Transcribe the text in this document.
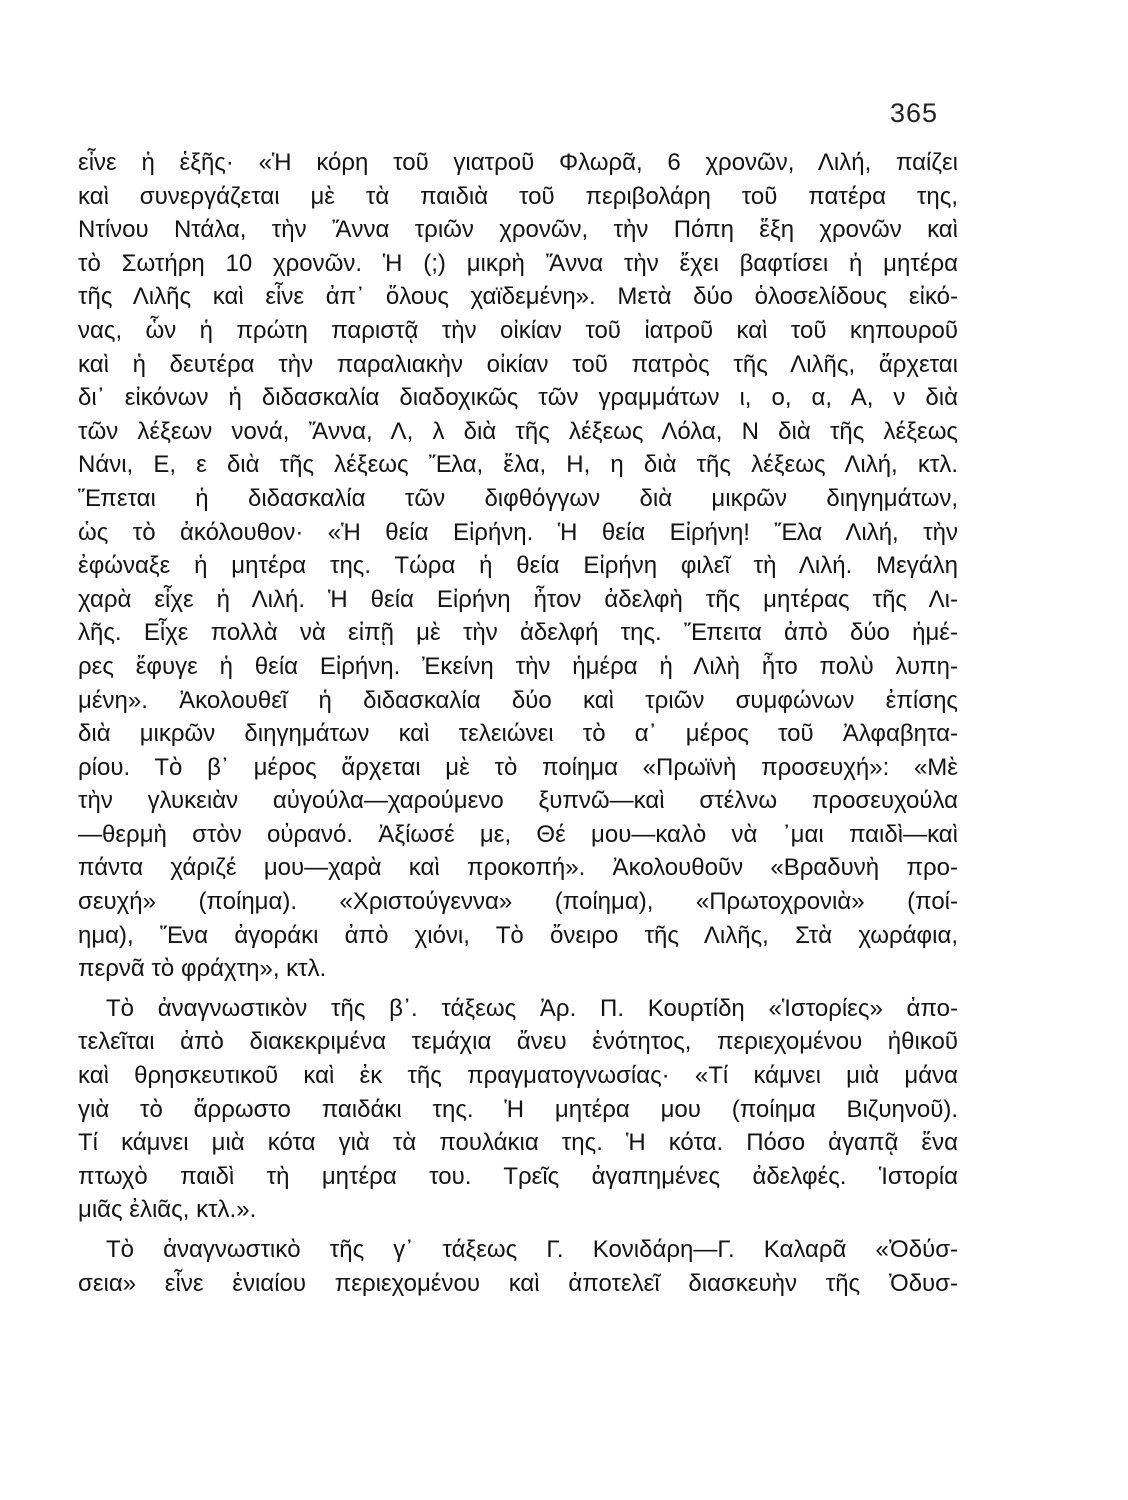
365
εἶνε ἡ ἑξῆς· «Ἡ κόρη τοῦ γιατροῦ Φλωρᾶ, 6 χρονῶν, Λιλή, παίζει
καὶ συνεργάζεται μὲ τὰ παιδιὰ τοῦ περιβολάρη τοῦ πατέρα της,
Ντίνου Ντάλα, τὴν Ἄννα τριῶν χρονῶν, τὴν Πόπη ἕξη χρονῶν καὶ
τὸ Σωτήρη 10 χρονῶν. Ἡ (;) μικρὴ Ἄννα τὴν ἔχει βαφτίσει ἡ μητέρα
τῆς Λιλῆς καὶ εἶνε ἀπ᾿ ὅλους χαϊδεμένη». Μετὰ δύο ὁλοσελίδους εἰκό-
νας, ὧν ἡ πρώτη παριστᾷ τὴν οἰκίαν τοῦ ἰατροῦ καὶ τοῦ κηπουροῦ
καὶ ἡ δευτέρα τὴν παραλιακὴν οἰκίαν τοῦ πατρὸς τῆς Λιλῆς, ἄρχεται
δι᾿ εἰκόνων ἡ διδασκαλία διαδοχικῶς τῶν γραμμάτων ι, ο, α, Α, ν διὰ
τῶν λέξεων νονά, Ἄννα, Λ, λ διὰ τῆς λέξεως Λόλα, Ν διὰ τῆς λέξεως
Νάνι, Ε, ε διὰ τῆς λέξεως Ἔλα, ἔλα, Η, η διὰ τῆς λέξεως Λιλή, κτλ.
Ἕπεται ἡ διδασκαλία τῶν διφθόγγων διὰ μικρῶν διηγημάτων,
ὡς τὸ ἀκόλουθον· «Ἡ θεία Εἰρήνη. Ἡ θεία Εἰρήνη! Ἔλα Λιλή, τὴν
ἐφώναξε ἡ μητέρα της. Τώρα ἡ θεία Εἰρήνη φιλεῖ τὴ Λιλή. Μεγάλη
χαρὰ εἶχε ἡ Λιλή. Ἡ θεία Εἰρήνη ἦτον ἀδελφὴ τῆς μητέρας τῆς Λι-
λῆς. Εἶχε πολλὰ νὰ εἰπῇ μὲ τὴν ἀδελφή της. Ἔπειτα ἀπὸ δύο ἡμέ-
ρες ἔφυγε ἡ θεία Εἰρήνη. Ἐκείνη τὴν ἡμέρα ἡ Λιλὴ ἦτο πολὺ λυπη-
μένη». Ἀκολουθεῖ ἡ διδασκαλία δύο καὶ τριῶν συμφώνων ἐπίσης
διὰ μικρῶν διηγημάτων καὶ τελειώνει τὸ α᾿ μέρος τοῦ Ἀλφαβητα-
ρίου. Τὸ β᾿ μέρος ἄρχεται μὲ τὸ ποίημα «Πρωϊνὴ προσευχή»: «Μὲ
τὴν γλυκειὰν αὐγούλα—χαρούμενο ξυπνῶ—καὶ στέλνω προσευχούλα
—θερμὴ στὸν οὐρανό. Ἀξίωσέ με, Θέ μου—καλὸ νὰ ᾿μαι παιδὶ—καὶ
πάντα χάριζέ μου—χαρὰ καὶ προκοπή». Ἀκολουθοῦν «Βραδυνὴ προ-
σευχή» (ποίημα). «Χριστούγεννα» (ποίημα), «Πρωτοχρονιὰ» (ποί-
ημα), Ἕνα ἀγοράκι ἀπὸ χιόνι, Τὸ ὄνειρο τῆς Λιλῆς, Στὰ χωράφια,
περνᾶ τὸ φράχτη», κτλ.
Τὸ ἀναγνωστικὸν τῆς β᾿. τάξεως Ἀρ. Π. Κουρτίδη «Ἱστορίες» ἀπο-
τελεῖται ἀπὸ διακεκριμένα τεμάχια ἄνευ ἑνότητος, περιεχομένου ἠθικοῦ
καὶ θρησκευτικοῦ καὶ ἐκ τῆς πραγματογνωσίας· «Τί κάμνει μιὰ μάνα
γιὰ τὸ ἄρρωστο παιδάκι της. Ἡ μητέρα μου (ποίημα Βιζυηνοῦ).
Τί κάμνει μιὰ κότα γιὰ τὰ πουλάκια της. Ἡ κότα. Πόσο ἀγαπᾷ ἕνα
πτωχὸ παιδὶ τὴ μητέρα του. Τρεῖς ἀγαπημένες ἀδελφές. Ἱστορία
μιᾶς ἐλιᾶς, κτλ.».
Τὸ ἀναγνωστικὸ τῆς γ᾿ τάξεως Γ. Κονιδάρη—Γ. Καλαρᾶ «Ὀδύσ-
σεια» εἶνε ἑνιαίου περιεχομένου καὶ ἀποτελεῖ διασκευὴν τῆς Ὀδυσ-
